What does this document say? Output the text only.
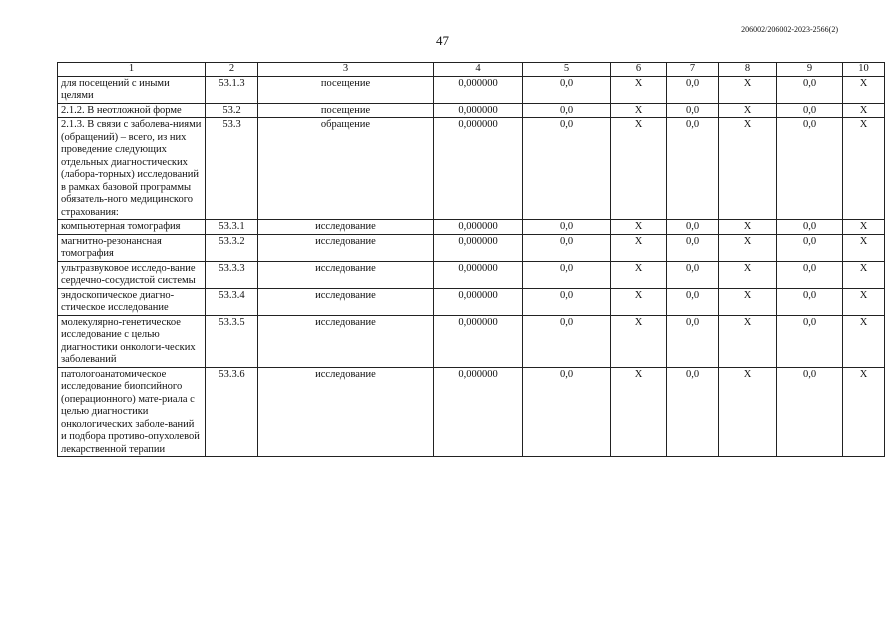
47
206002/206002-2023-2566(2)
1	2	3	4	5	6	7	8	9	10
для посещений с иными целями	53.1.3	посещение	0,000000	0,0	X	0,0	X	0,0	X
2.1.2. В неотложной форме	53.2	посещение	0,000000	0,0	X	0,0	X	0,0	X
2.1.3. В связи с заболева-ниями (обращений) – всего, из них проведение следующих отдельных диагностических (лабора-торных) исследований в рамках базовой программы обязатель-ного медицинского страхования:	53.3	обращение	0,000000	0,0	X	0,0	X	0,0	X
компьютерная томография	53.3.1	исследование	0,000000	0,0	X	0,0	X	0,0	X
магнитно-резонансная томография	53.3.2	исследование	0,000000	0,0	X	0,0	X	0,0	X
ультразвуковое исследо-вание сердечно-сосудистой системы	53.3.3	исследование	0,000000	0,0	X	0,0	X	0,0	X
эндоскопическое диагно-стическое исследование	53.3.4	исследование	0,000000	0,0	X	0,0	X	0,0	X
молекулярно-генетическое исследование с целью диагностики онкологи-ческих заболеваний	53.3.5	исследование	0,000000	0,0	X	0,0	X	0,0	X
патологоанатомическое исследование биопсийного (операционного) мате-риала с целью диагностики онкологических заболе-ваний и подбора противо-опухолевой лекарственной терапии	53.3.6	исследование	0,000000	0,0	X	0,0	X	0,0	X
